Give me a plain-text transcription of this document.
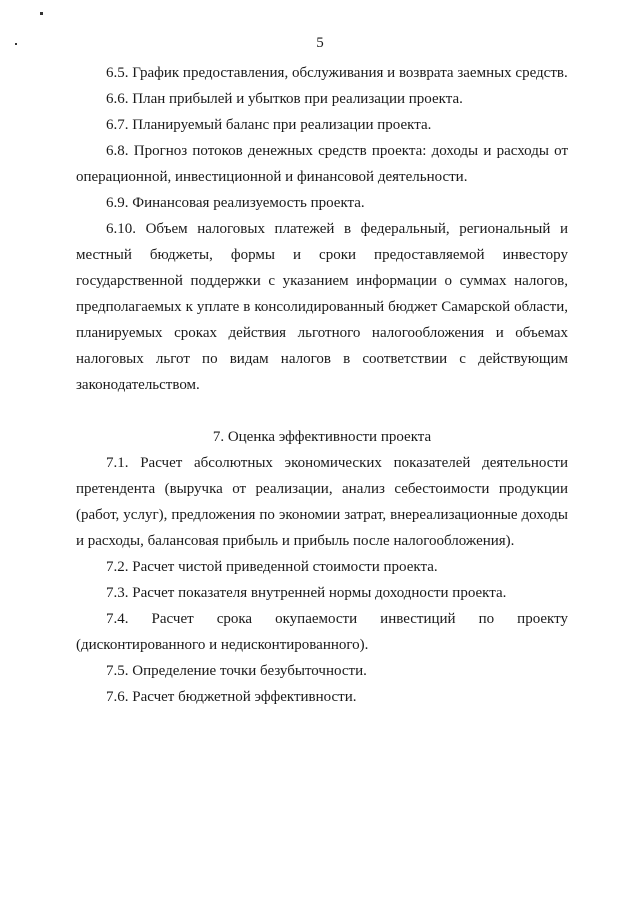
5

6.5. График предоставления, обслуживания и возврата заемных средств.

6.6. План прибылей и убытков при реализации проекта.

6.7. Планируемый баланс при реализации проекта.

6.8. Прогноз потоков денежных средств проекта: доходы и расходы от операционной, инвестиционной и финансовой деятельности.

6.9. Финансовая реализуемость проекта.

6.10. Объем налоговых платежей в федеральный, региональный и местный бюджеты, формы и сроки предоставляемой инвестору государственной поддержки с указанием информации о суммах налогов, предполагаемых к уплате в консолидированный бюджет Самарской области, планируемых сроках действия льготного налогообложения и объемах налоговых льгот по видам налогов в соответствии с действующим законодательством.

7. Оценка эффективности проекта

7.1. Расчет абсолютных экономических показателей деятельности претендента (выручка от реализации, анализ себестоимости продукции (работ, услуг), предложения по экономии затрат, внереализационные доходы и расходы, балансовая прибыль и прибыль после налогообложения).

7.2. Расчет чистой приведенной стоимости проекта.

7.3. Расчет показателя внутренней нормы доходности проекта.

7.4. Расчет срока окупаемости инвестиций по проекту (дисконтированного и недисконтированного).

7.5. Определение точки безубыточности.

7.6. Расчет бюджетной эффективности.
